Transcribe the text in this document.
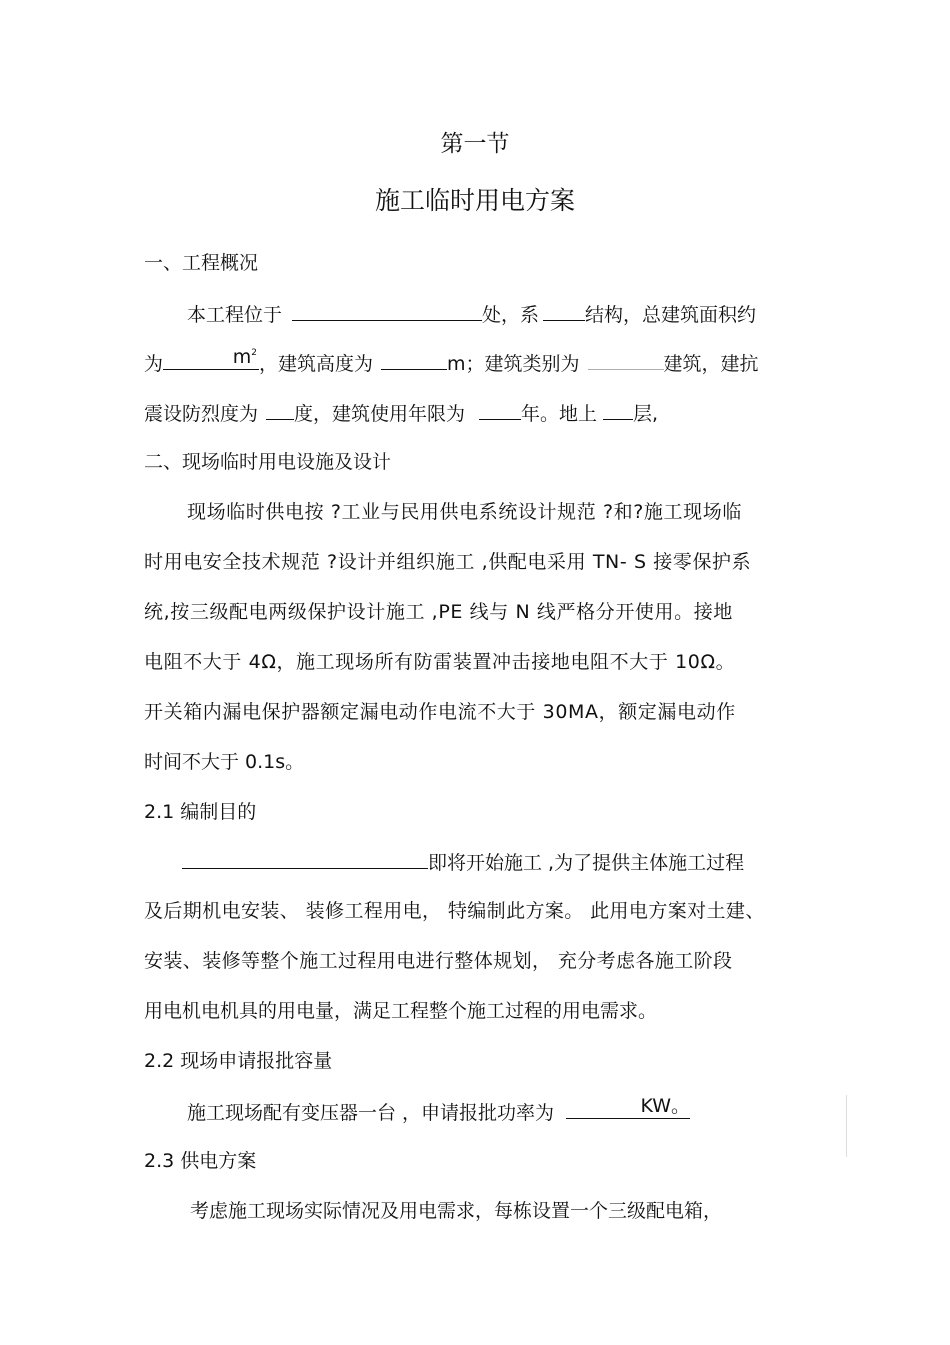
第一节
施工临时用电方案
一、工程概况
本工程位于	处，系 结构，总建筑面积约
为	$m^2$ ，建筑高度为	m；建筑类别为	建筑，建抗
震设防烈度为 度，建筑使用年限为	年。地上 层,
二、现场临时用电设施及设计
现场临时供电按 ?工业与民用供电系统设计规范 ?和?施工现场临
时用电安全技术规范 ?设计并组织施工 ,供配电采用 TN- S 接零保护系
统,按三级配电两级保护设计施工 ,PE 线与 N 线严格分开使用。接地
电阻不大于 4Ω，施工现场所有防雷装置冲击接地电阻不大于 10Ω。
开关箱内漏电保护器额定漏电动作电流不大于 30MA，额定漏电动作
时间不大于 0.1s。
2.1 编制目的
即将开始施工 ,为了提供主体施工过程
及后期机电安装、 装修工程用电， 特编制此方案。 此用电方案对土建、
安装、装修等整个施工过程用电进行整体规划， 充分考虑各施工阶段
用电机电机具的用电量，满足工程整个施工过程的用电需求。
2.2 现场申请报批容量
施工现场配有变压器一台 ，申请报批功率为	KW。
2.3 供电方案
考虑施工现场实际情况及用电需求，每栋设置一个三级配电箱，
